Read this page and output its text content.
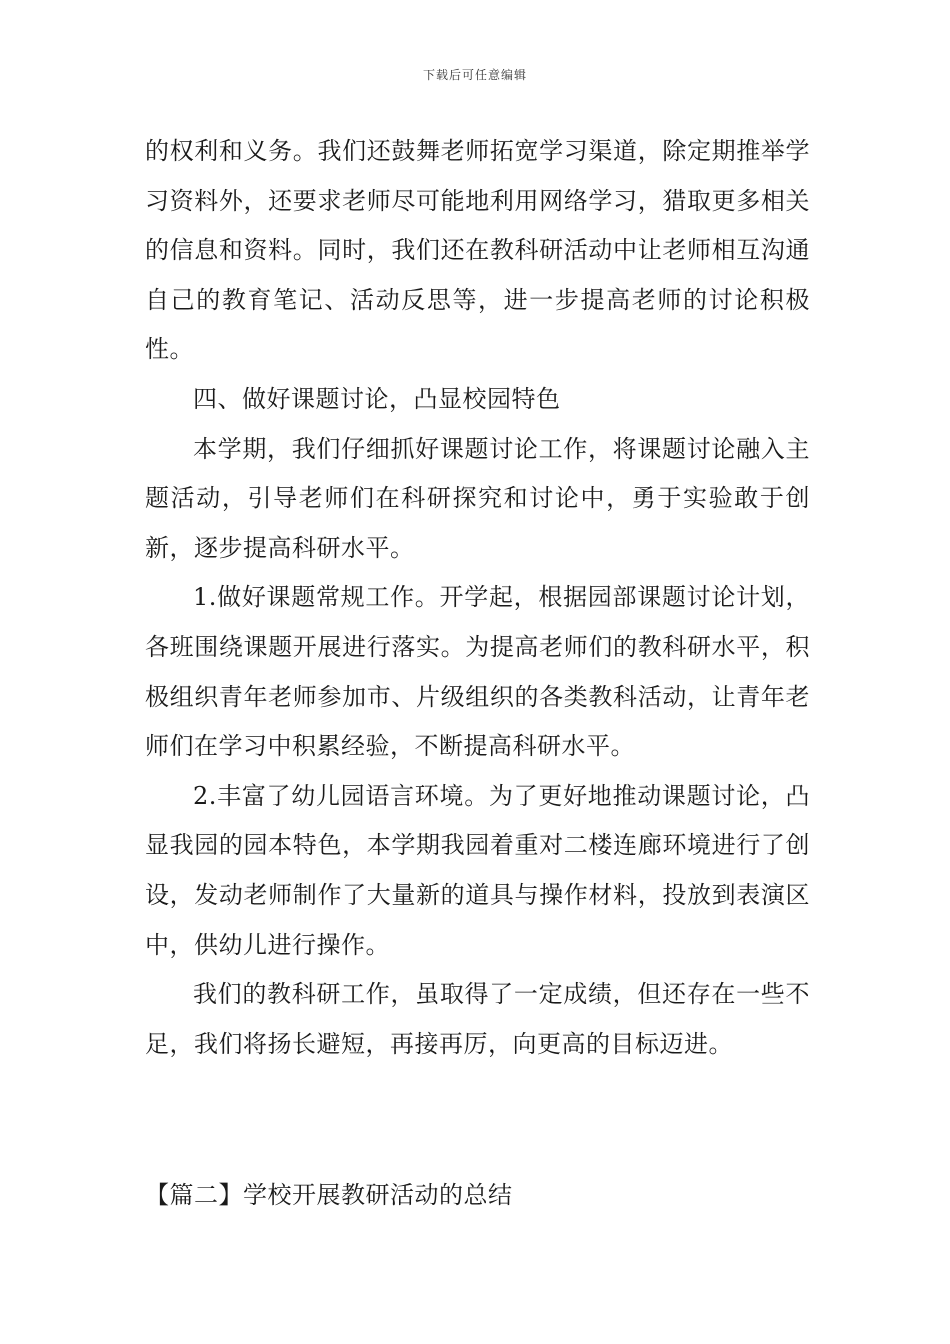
下载后可任意编辑

的权利和义务。我们还鼓舞老师拓宽学习渠道，除定期推举学习资料外，还要求老师尽可能地利用网络学习，猎取更多相关的信息和资料。同时，我们还在教科研活动中让老师相互沟通自己的教育笔记、活动反思等，进一步提高老师的讨论积极性。

四、做好课题讨论，凸显校园特色

本学期，我们仔细抓好课题讨论工作，将课题讨论融入主题活动，引导老师们在科研探究和讨论中，勇于实验敢于创新，逐步提高科研水平。

1.做好课题常规工作。开学起，根据园部课题讨论计划，各班围绕课题开展进行落实。为提高老师们的教科研水平，积极组织青年老师参加市、片级组织的各类教科活动，让青年老师们在学习中积累经验，不断提高科研水平。

2.丰富了幼儿园语言环境。为了更好地推动课题讨论，凸显我园的园本特色，本学期我园着重对二楼连廊环境进行了创设，发动老师制作了大量新的道具与操作材料，投放到表演区中，供幼儿进行操作。

我们的教科研工作，虽取得了一定成绩，但还存在一些不足，我们将扬长避短，再接再厉，向更高的目标迈进。

【篇二】学校开展教研活动的总结
